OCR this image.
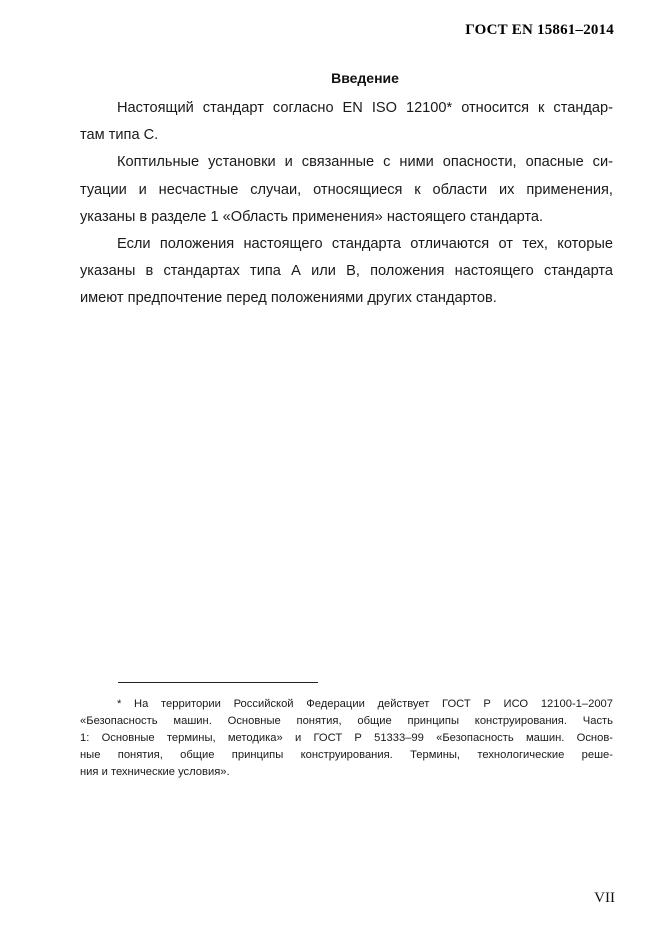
ГОСТ EN 15861–2014
Введение
Настоящий стандарт согласно EN ISO 12100* относится к стандар-
там типа С.
Коптильные установки и связанные с ними опасности, опасные си-
туации и несчастные случаи, относящиеся к области их применения,
указаны в разделе 1 «Область применения» настоящего стандарта.
Если положения настоящего стандарта отличаются от тех, которые
указаны в стандартах типа А или В, положения настоящего стандарта
имеют предпочтение перед положениями других стандартов.
* На территории Российской Федерации действует ГОСТ Р ИСО 12100-1–2007
«Безопасность машин. Основные понятия, общие принципы конструирования. Часть
1: Основные термины, методика» и ГОСТ Р 51333–99 «Безопасность машин. Основ-
ные понятия, общие принципы конструирования. Термины, технологические реше-
ния и технические условия».
VII
